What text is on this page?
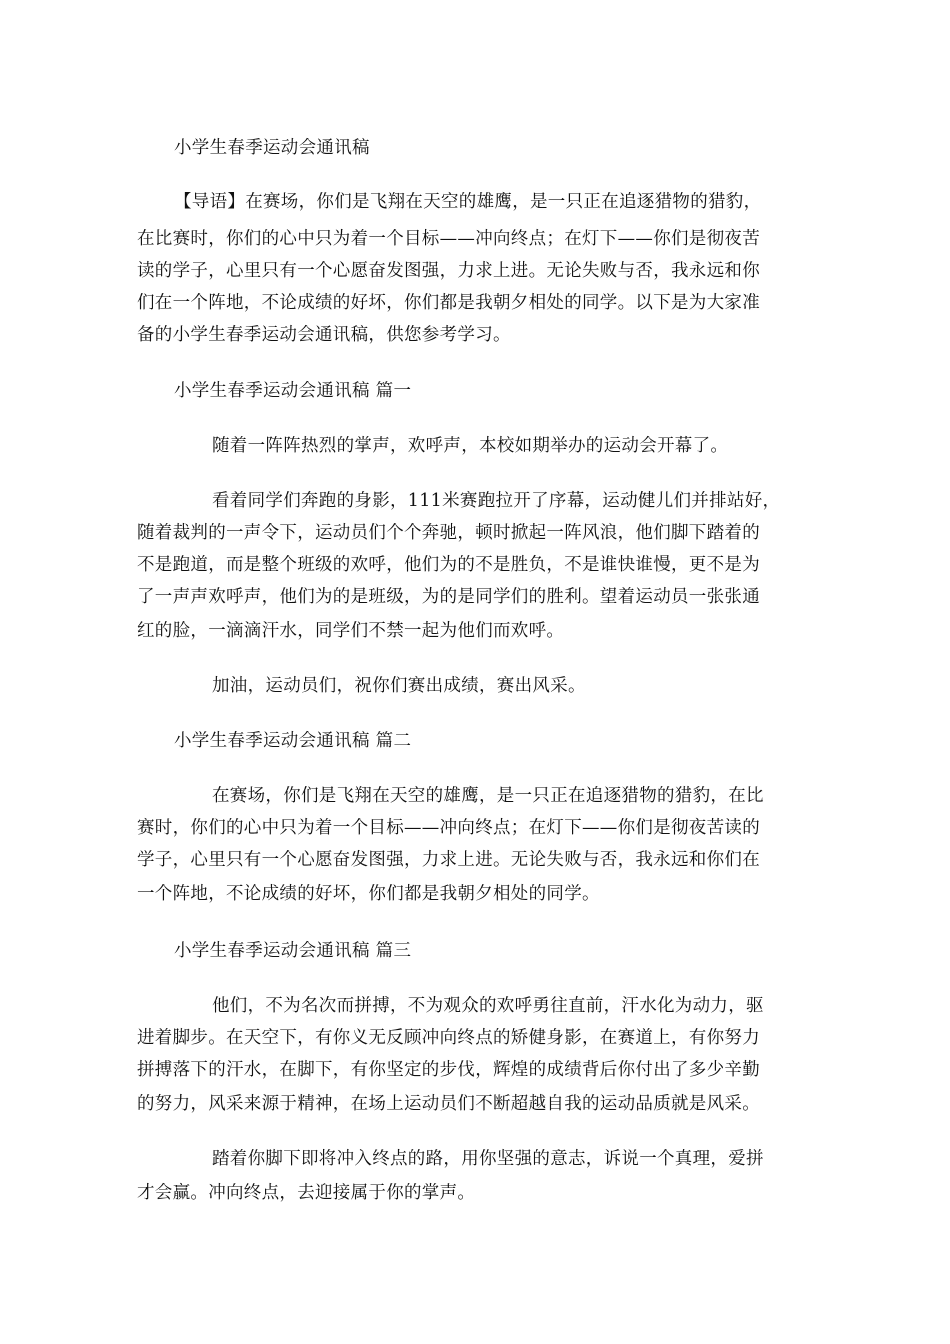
小学生春季运动会通讯稿
【导语】在赛场，你们是飞翔在天空的雄鹰，是一只正在追逐猎物的猎豹，
在比赛时，你们的心中只为着一个目标——冲向终点；在灯下——你们是彻夜苦
读的学子，心里只有一个心愿奋发图强，力求上进。无论失败与否，我永远和你
们在一个阵地，不论成绩的好坏，你们都是我朝夕相处的同学。以下是为大家准
备的小学生春季运动会通讯稿，供您参考学习。
小学生春季运动会通讯稿 篇一
随着一阵阵热烈的掌声，欢呼声，本校如期举办的运动会开幕了。
看着同学们奔跑的身影，111米赛跑拉开了序幕，运动健儿们并排站好，
随着裁判的一声令下，运动员们个个奔驰，顿时掀起一阵风浪，他们脚下踏着的
不是跑道，而是整个班级的欢呼，他们为的不是胜负，不是谁快谁慢，更不是为
了一声声欢呼声，他们为的是班级，为的是同学们的胜利。望着运动员一张张通
红的脸，一滴滴汗水，同学们不禁一起为他们而欢呼。
加油，运动员们，祝你们赛出成绩，赛出风采。
小学生春季运动会通讯稿 篇二
在赛场，你们是飞翔在天空的雄鹰，是一只正在追逐猎物的猎豹，在比
赛时，你们的心中只为着一个目标——冲向终点；在灯下——你们是彻夜苦读的
学子，心里只有一个心愿奋发图强，力求上进。无论失败与否，我永远和你们在
一个阵地，不论成绩的好坏，你们都是我朝夕相处的同学。
小学生春季运动会通讯稿 篇三
他们，不为名次而拼搏，不为观众的欢呼勇往直前，汗水化为动力，驱
进着脚步。在天空下，有你义无反顾冲向终点的矫健身影，在赛道上，有你努力
拼搏落下的汗水，在脚下，有你坚定的步伐，辉煌的成绩背后你付出了多少辛勤
的努力，风采来源于精神，在场上运动员们不断超越自我的运动品质就是风采。
踏着你脚下即将冲入终点的路，用你坚强的意志，诉说一个真理，爱拼
才会赢。冲向终点，去迎接属于你的掌声。
